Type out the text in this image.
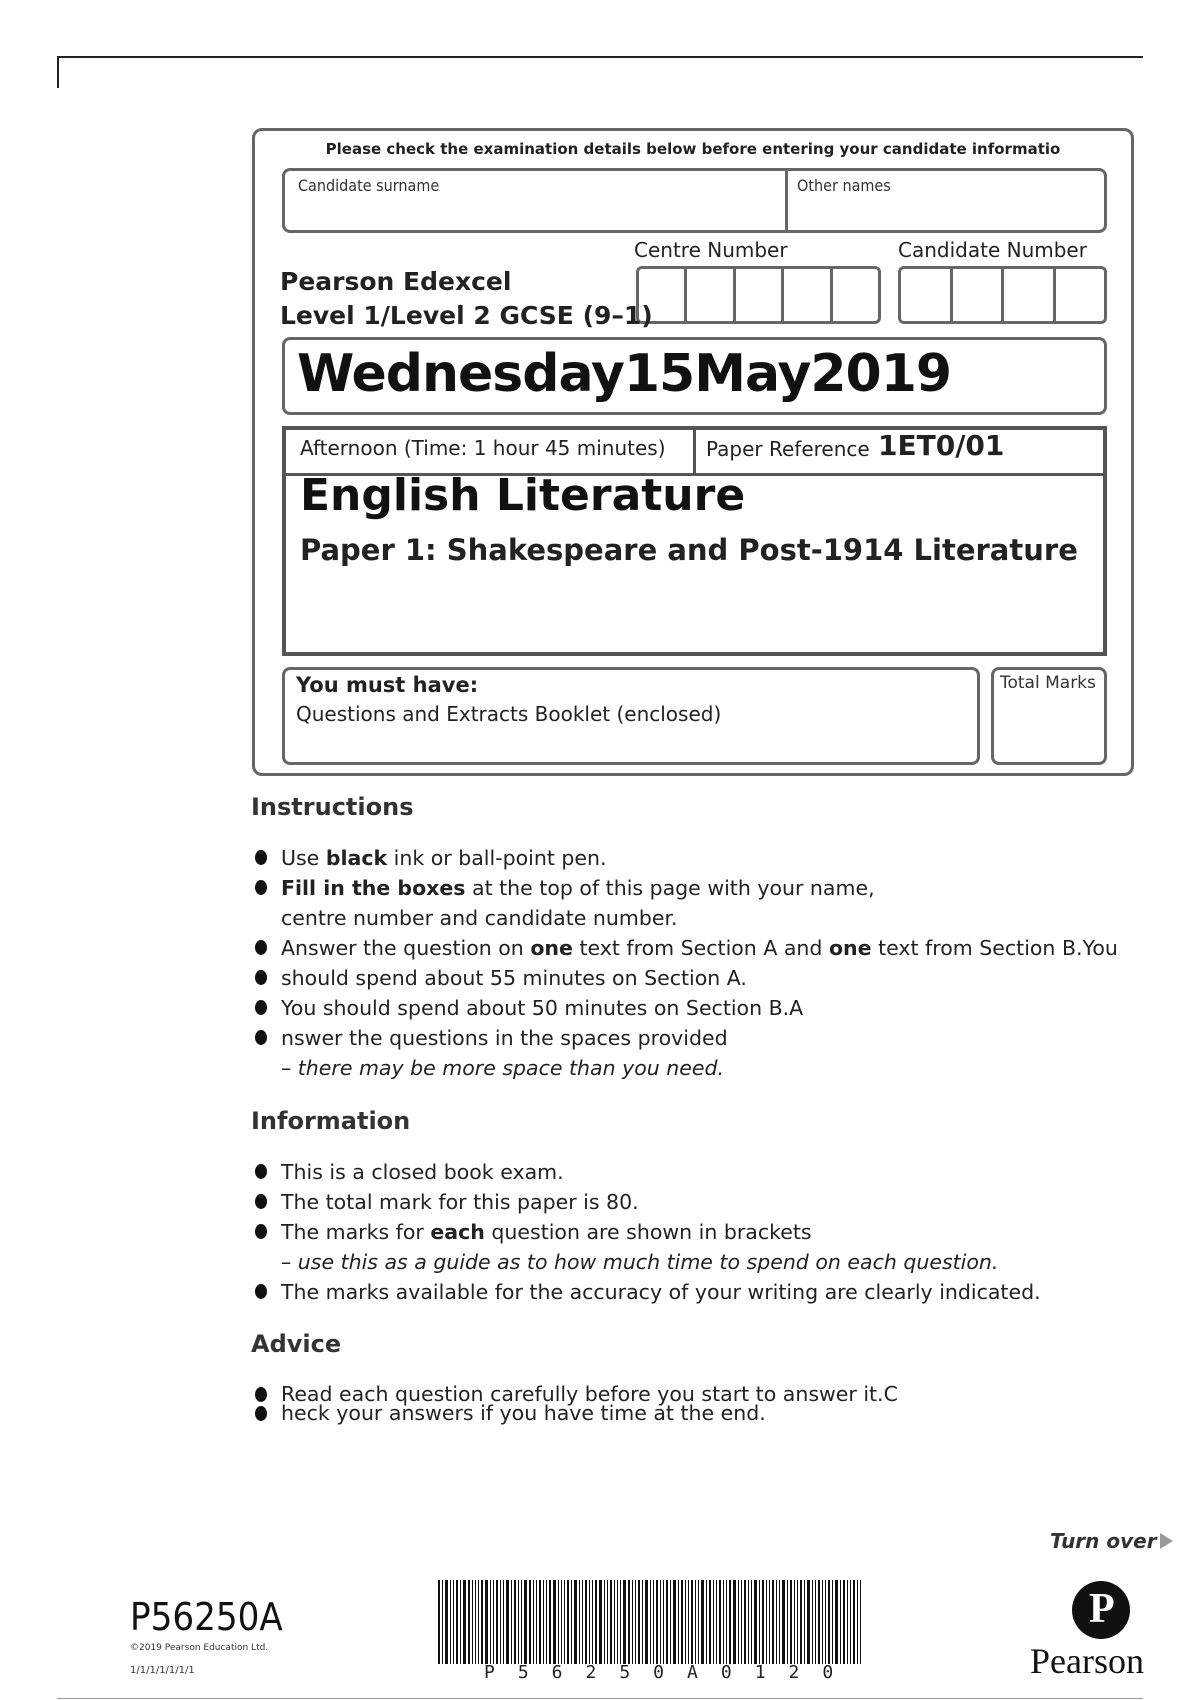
Please check the examination details below before entering your candidate informatio
Candidate surname	Other names
Centre Number	Candidate Number
Pearson Edexcel
Level 1/Level 2 GCSE (9–1)
Wednesday15May2019
Afternoon (Time: 1 hour 45 minutes) Paper Reference 1ET0/01
English Literature
Paper 1: Shakespeare and Post-1914 Literature
You must have:
Questions and Extracts Booklet (enclosed)
Total Marks
Instructions
Use black ink or ball-point pen.
Fill in the boxes at the top of this page with your name,
centre number and candidate number.
Answer the question on one text from Section A and one text from Section B.You
should spend about 55 minutes on Section A.
You should spend about 50 minutes on Section B.A
nswer the questions in the spaces provided
– there may be more space than you need.
Information
This is a closed book exam.
The total mark for this paper is 80.
The marks for each question are shown in brackets
– use this as a guide as to how much time to spend on each question.
The marks available for the accuracy of your writing are clearly indicated.
Advice
Read each question carefully before you start to answer it.C
heck your answers if you have time at the end.
Turn over
P56250A
©2019 Pearson Education Ltd.
1/1/1/1/1/1/1	P56250A0120
P
Pearson
